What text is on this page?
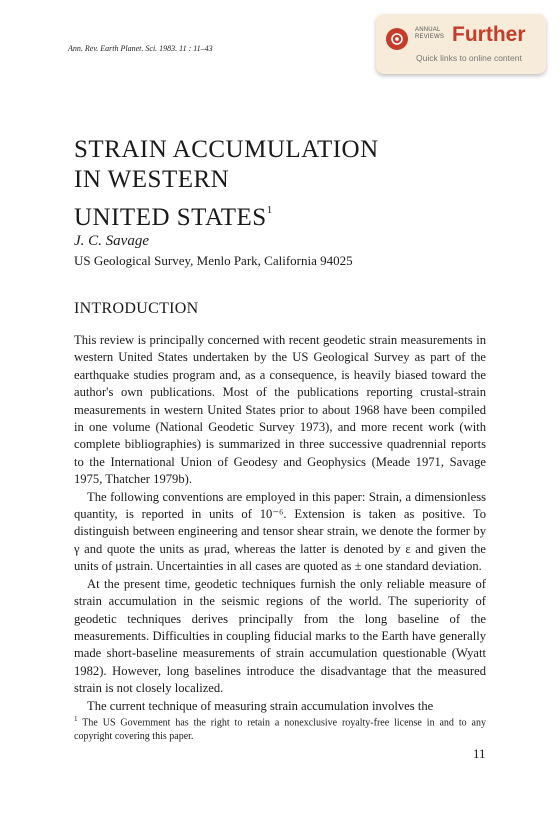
Ann. Rev. Earth Planet. Sci. 1983. 11 : 11–43
ANNUAL
REVIEWS Further
Quick links to online content
STRAIN ACCUMULATION
IN WESTERN
UNITED STATES$^1$
J. C. Savage
US Geological Survey, Menlo Park, California 94025
INTRODUCTION

This review is principally concerned with recent geodetic strain measurements in western United States undertaken by the US Geological Survey as part of the earthquake studies program and, as a consequence, is heavily biased toward the author's own publications. Most of the publications reporting crustal-strain measurements in western United States prior to about 1968 have been compiled in one volume (National Geodetic Survey 1973), and more recent work (with complete bibliographies) is summarized in three successive quadrennial reports to the International Union of Geodesy and Geophysics (Meade 1971, Savage 1975, Thatcher 1979b).

The following conventions are employed in this paper: Strain, a dimensionless quantity, is reported in units of 10⁻⁶. Extension is taken as positive. To distinguish between engineering and tensor shear strain, we denote the former by γ and quote the units as μrad, whereas the latter is denoted by ε and given the units of μstrain. Uncertainties in all cases are quoted as ± one standard deviation.

At the present time, geodetic techniques furnish the only reliable measure of strain accumulation in the seismic regions of the world. The superiority of geodetic techniques derives principally from the long baseline of the measurements. Difficulties in coupling fiducial marks to the Earth have generally made short-baseline measurements of strain accumulation questionable (Wyatt 1982). However, long baselines introduce the disadvantage that the measured strain is not closely localized.

The current technique of measuring strain accumulation involves the

$^1$ The US Government has the right to retain a nonexclusive royalty-free license in and to any copyright covering this paper.
11
